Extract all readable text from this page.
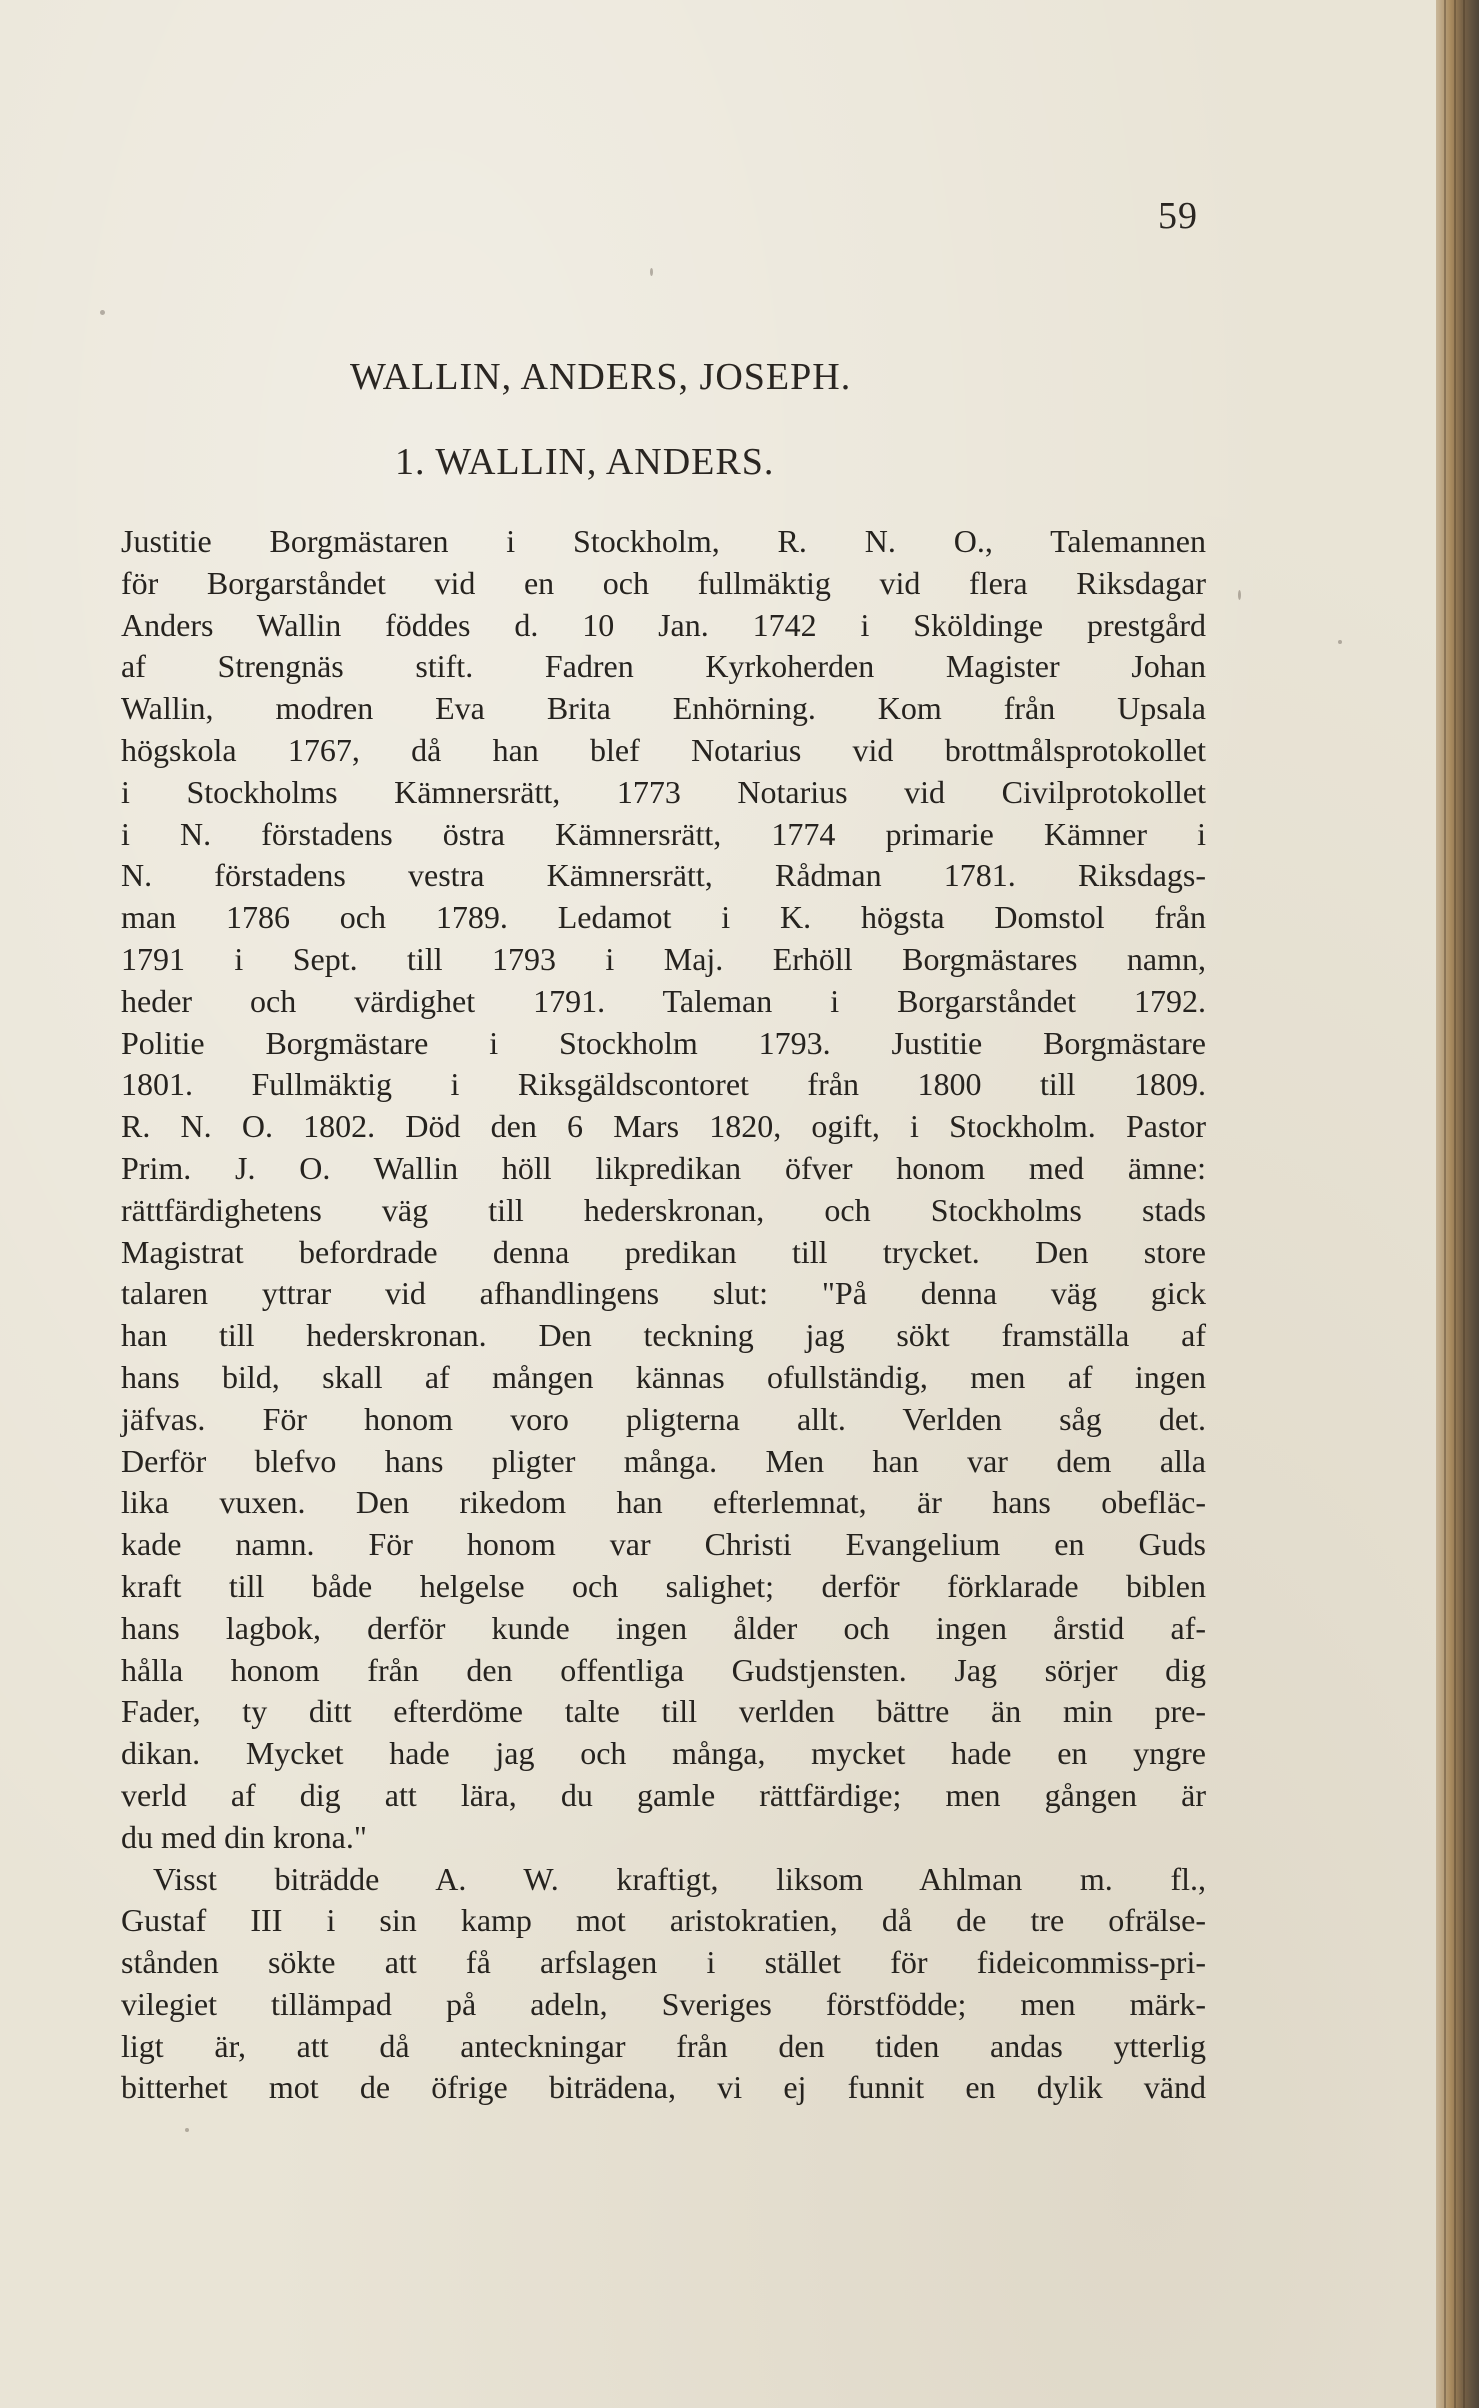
59
WALLIN, ANDERS, JOSEPH.
1. WALLIN, ANDERS.
Justitie Borgmästaren i Stockholm, R. N. O., Talemannen
för Borgarståndet vid en och fullmäktig vid flera Riksdagar
Anders Wallin föddes d. 10 Jan. 1742 i Sköldinge prestgård
af Strengnäs stift. Fadren Kyrkoherden Magister Johan
Wallin, modren Eva Brita Enhörning. Kom från Upsala
högskola 1767, då han blef Notarius vid brottmålsprotokollet
i Stockholms Kämnersrätt, 1773 Notarius vid Civilprotokollet
i N. förstadens östra Kämnersrätt, 1774 primarie Kämner i
N. förstadens vestra Kämnersrätt, Rådman 1781. Riksdags-
man 1786 och 1789. Ledamot i K. högsta Domstol från
1791 i Sept. till 1793 i Maj. Erhöll Borgmästares namn,
heder och värdighet 1791. Taleman i Borgarståndet 1792.
Politie Borgmästare i Stockholm 1793. Justitie Borgmästare
1801. Fullmäktig i Riksgäldscontoret från 1800 till 1809.
R. N. O. 1802. Död den 6 Mars 1820, ogift, i Stockholm. Pastor
Prim. J. O. Wallin höll likpredikan öfver honom med ämne:
rättfärdighetens väg till hederskronan, och Stockholms stads
Magistrat befordrade denna predikan till trycket. Den store
talaren yttrar vid afhandlingens slut: "På denna väg gick
han till hederskronan. Den teckning jag sökt framställa af
hans bild, skall af mången kännas ofullständig, men af ingen
jäfvas. För honom voro pligterna allt. Verlden såg det.
Derför blefvo hans pligter många. Men han var dem alla
lika vuxen. Den rikedom han efterlemnat, är hans obefläc-
kade namn. För honom var Christi Evangelium en Guds
kraft till både helgelse och salighet; derför förklarade biblen
hans lagbok, derför kunde ingen ålder och ingen årstid af-
hålla honom från den offentliga Gudstjensten. Jag sörjer dig
Fader, ty ditt efterdöme talte till verlden bättre än min pre-
dikan. Mycket hade jag och många, mycket hade en yngre
verld af dig att lära, du gamle rättfärdige; men gången är
du med din krona."
Visst biträdde A. W. kraftigt, liksom Ahlman m. fl.,
Gustaf III i sin kamp mot aristokratien, då de tre ofrälse-
stånden sökte att få arfslagen i stället för fideicommiss-pri-
vilegiet tillämpad på adeln, Sveriges förstfödde; men märk-
ligt är, att då anteckningar från den tiden andas ytterlig
bitterhet mot de öfrige biträdena, vi ej funnit en dylik vänd
